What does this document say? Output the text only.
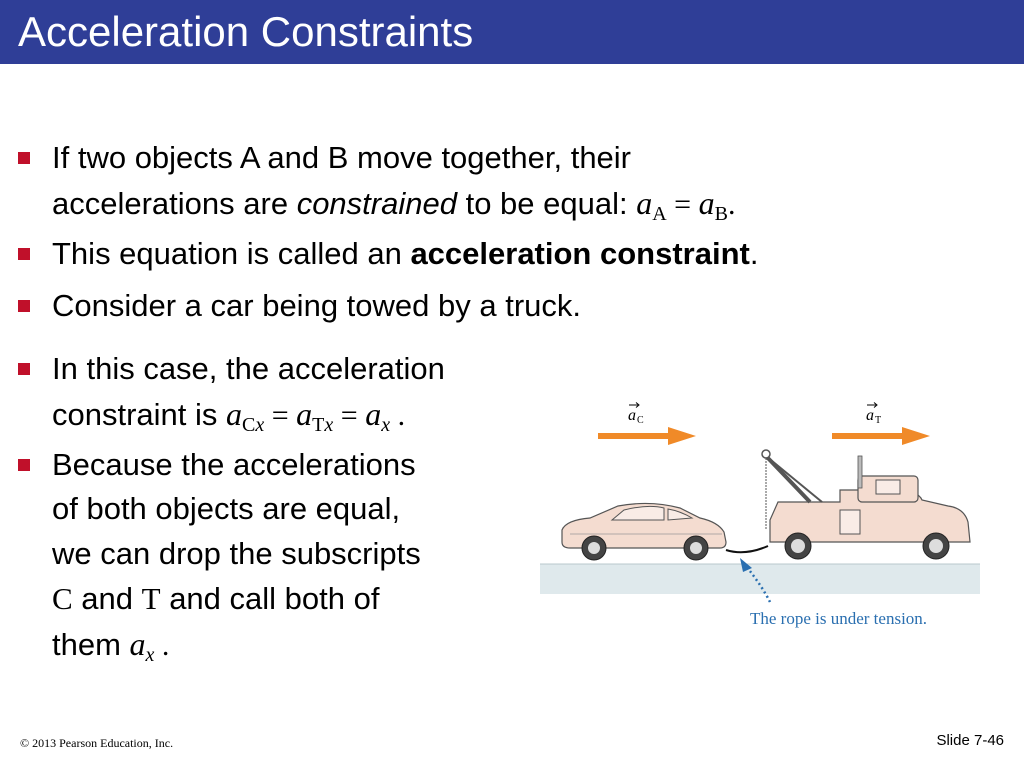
Acceleration Constraints
If two objects A and B move together, their
accelerations are constrained to be equal: aA = aB.
This equation is called an acceleration constraint.
Consider a car being towed by a truck.
In this case, the acceleration
constraint is aCx = aTx = ax .
Because the accelerations
of both objects are equal,
we can drop the subscripts
C and T and call both of
them ax .
a C	a T
The rope is under tension.
© 2013 Pearson Education, Inc.	Slide 7-46
